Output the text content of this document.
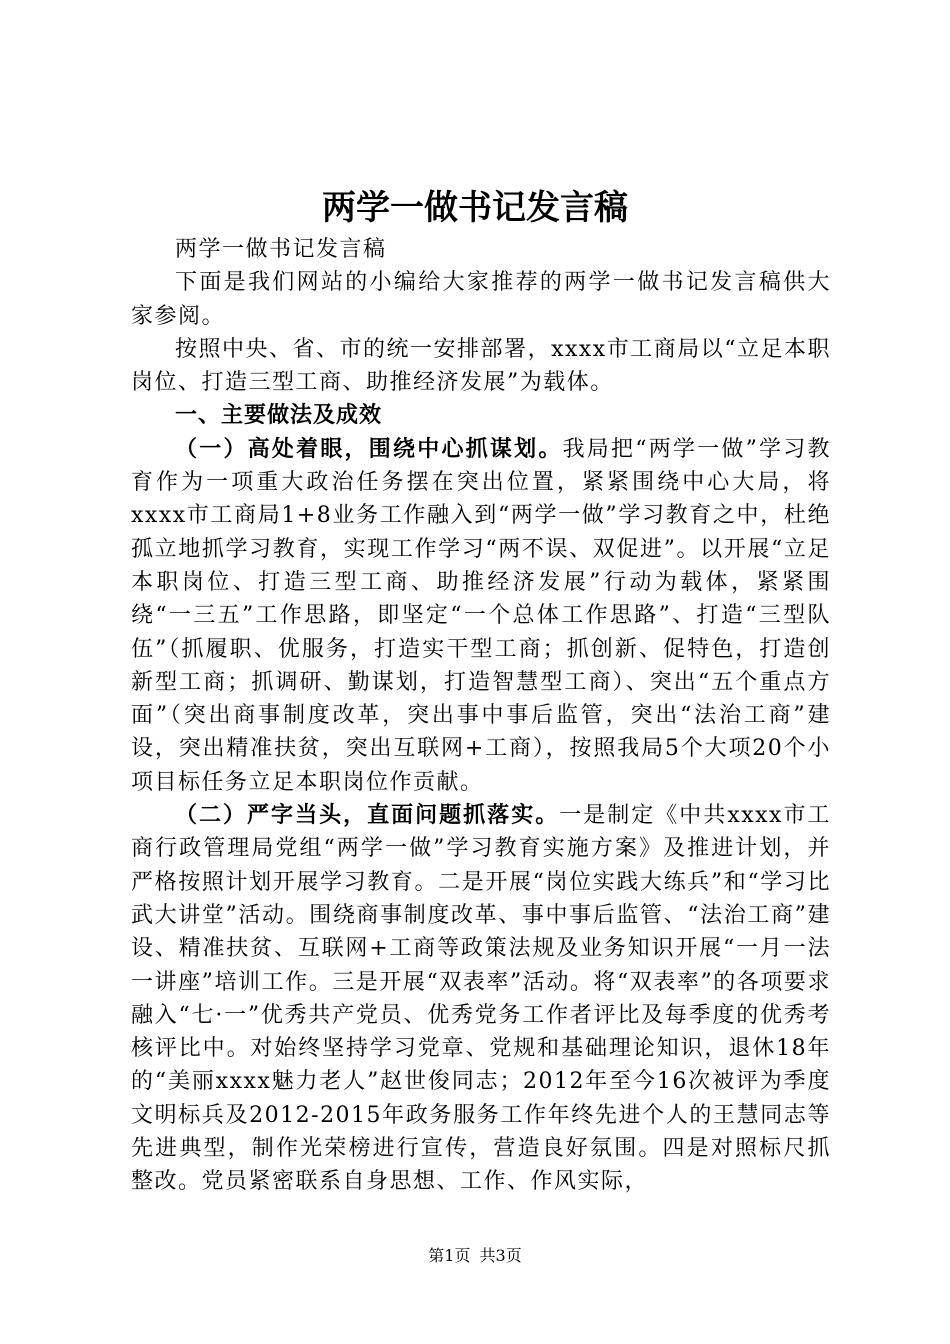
两学一做书记发言稿

两学一做书记发言稿

下面是我们网站的小编给大家推荐的两学一做书记发言稿供大家参阅。

按照中央、省、市的统一安排部署，xxxx市工商局以“立足本职岗位、打造三型工商、助推经济发展”为载体。

一、主要做法及成效

（一）高处着眼，围绕中心抓谋划。我局把“两学一做”学习教育作为一项重大政治任务摆在突出位置，紧紧围绕中心大局，将xxxx市工商局1+8业务工作融入到“两学一做”学习教育之中，杜绝孤立地抓学习教育，实现工作学习“两不误、双促进”。以开展“立足本职岗位、打造三型工商、助推经济发展”行动为载体，紧紧围绕“一三五”工作思路，即坚定“一个总体工作思路”、打造“三型队伍”（抓履职、优服务，打造实干型工商；抓创新、促特色，打造创新型工商；抓调研、勤谋划，打造智慧型工商）、突出“五个重点方面”（突出商事制度改革，突出事中事后监管，突出“法治工商”建设，突出精准扶贫，突出互联网+工商），按照我局5个大项20个小项目标任务立足本职岗位作贡献。

（二）严字当头，直面问题抓落实。一是制定《中共xxxx市工商行政管理局党组“两学一做”学习教育实施方案》及推进计划，并严格按照计划开展学习教育。二是开展“岗位实践大练兵”和“学习比武大讲堂”活动。围绕商事制度改革、事中事后监管、“法治工商”建设、精准扶贫、互联网+工商等政策法规及业务知识开展“一月一法一讲座”培训工作。三是开展“双表率”活动。将“双表率”的各项要求融入“七·一”优秀共产党员、优秀党务工作者评比及每季度的优秀考核评比中。对始终坚持学习党章、党规和基础理论知识，退休18年的“美丽xxxx魅力老人”赵世俊同志；2012年至今16次被评为季度文明标兵及2012-2015年政务服务工作年终先进个人的王慧同志等先进典型，制作光荣榜进行宣传，营造良好氛围。四是对照标尺抓整改。党员紧密联系自身思想、工作、作风实际，

第1页 共3页
